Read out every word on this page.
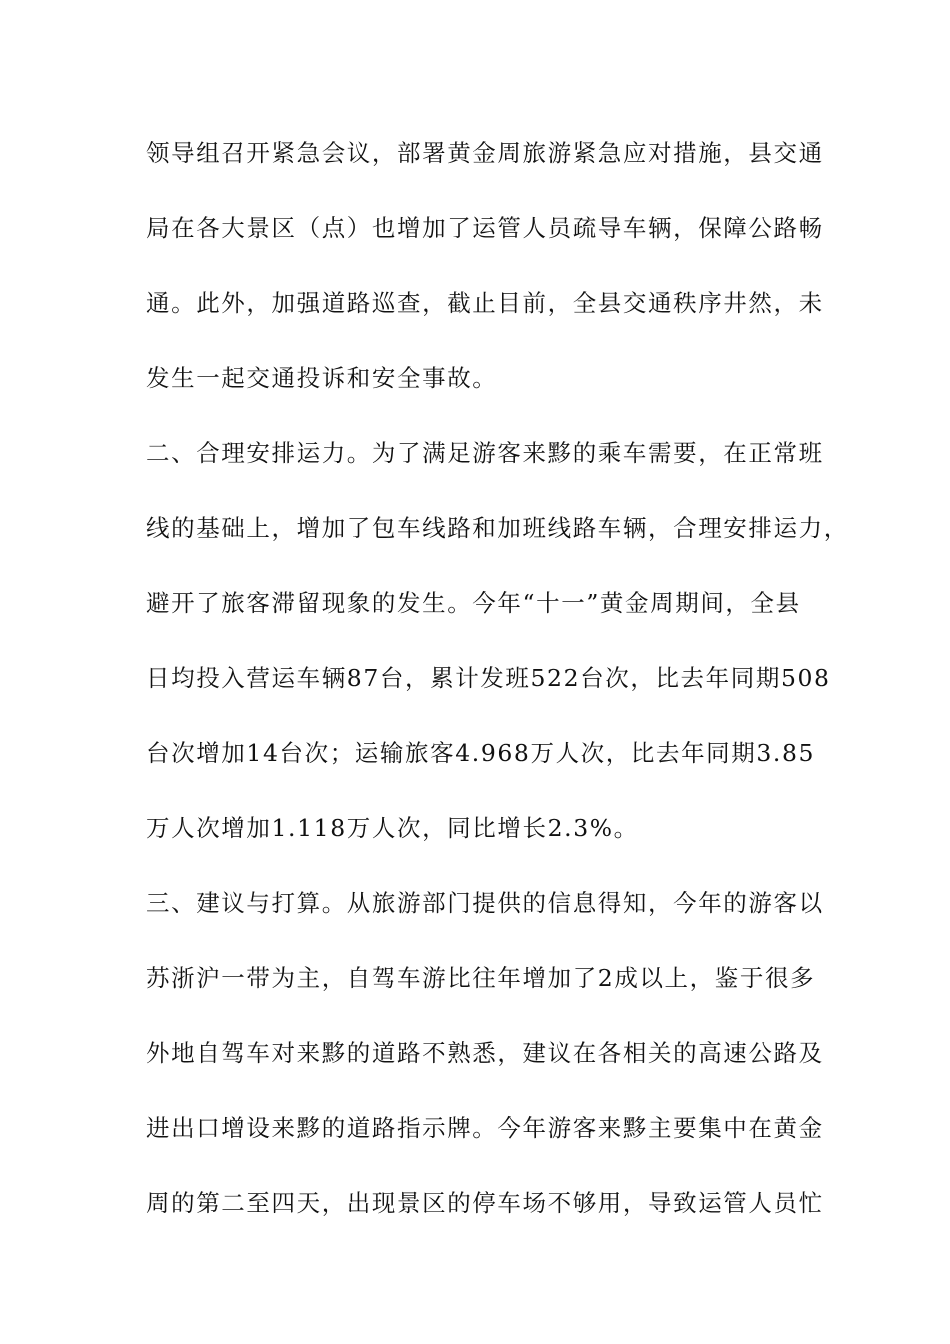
领导组召开紧急会议，部署黄金周旅游紧急应对措施，县交通
局在各大景区（点）也增加了运管人员疏导车辆，保障公路畅
通。此外，加强道路巡查，截止目前，全县交通秩序井然，未
发生一起交通投诉和安全事故。
二、合理安排运力。为了满足游客来黟的乘车需要，在正常班
线的基础上，增加了包车线路和加班线路车辆，合理安排运力，
避开了旅客滞留现象的发生。今年“十一”黄金周期间，全县
日均投入营运车辆87台，累计发班522台次，比去年同期508
台次增加14台次；运输旅客4.968万人次，比去年同期3.85
万人次增加1.118万人次，同比增长2.3%。
三、建议与打算。从旅游部门提供的信息得知，今年的游客以
苏浙沪一带为主，自驾车游比往年增加了2成以上，鉴于很多
外地自驾车对来黟的道路不熟悉，建议在各相关的高速公路及
进出口增设来黟的道路指示牌。今年游客来黟主要集中在黄金
周的第二至四天，出现景区的停车场不够用，导致运管人员忙
